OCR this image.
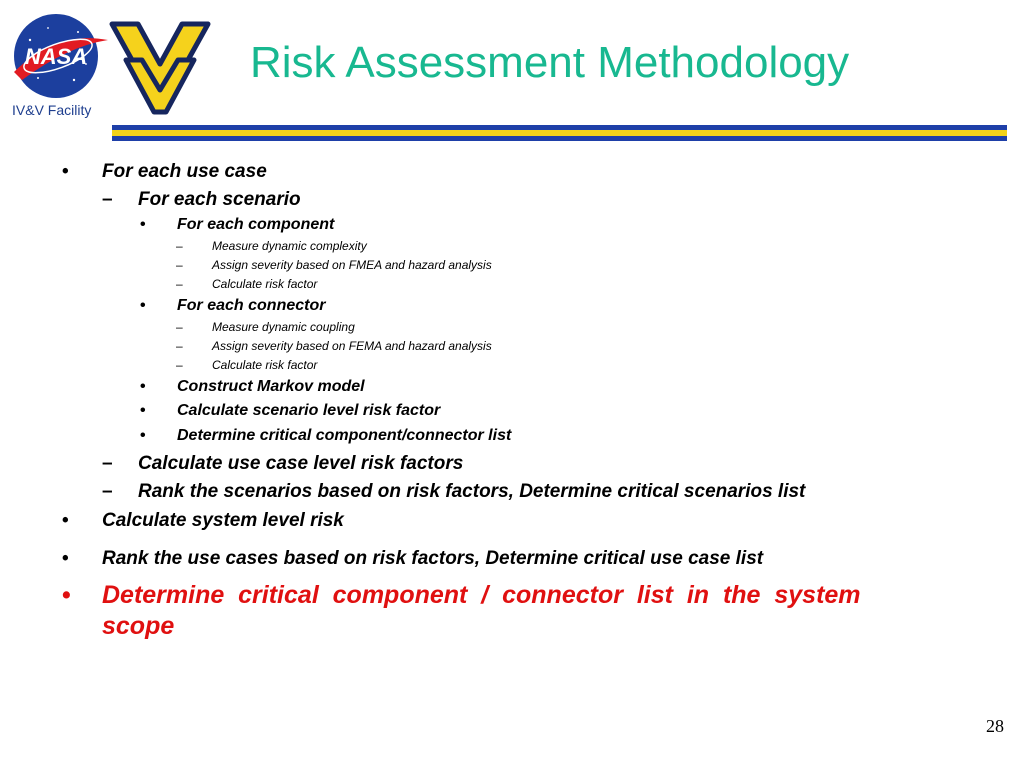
NASA
IV&V Facility
Risk Assessment Methodology
• For each use case
– For each scenario
• For each component
– Measure dynamic complexity
– Assign severity based on FMEA and hazard analysis
– Calculate risk factor
• For each connector
– Measure dynamic coupling
– Assign severity based on FEMA and hazard analysis
– Calculate risk factor
• Construct Markov model
• Calculate scenario level risk factor
• Determine critical component/connector list
– Calculate use case level risk factors
– Rank the scenarios based on risk factors, Determine critical scenarios list
• Calculate system level risk
• Rank the use cases based on risk factors, Determine critical use case list
• Determine  critical  component  /  connector  list  in  the  system
scope
28
